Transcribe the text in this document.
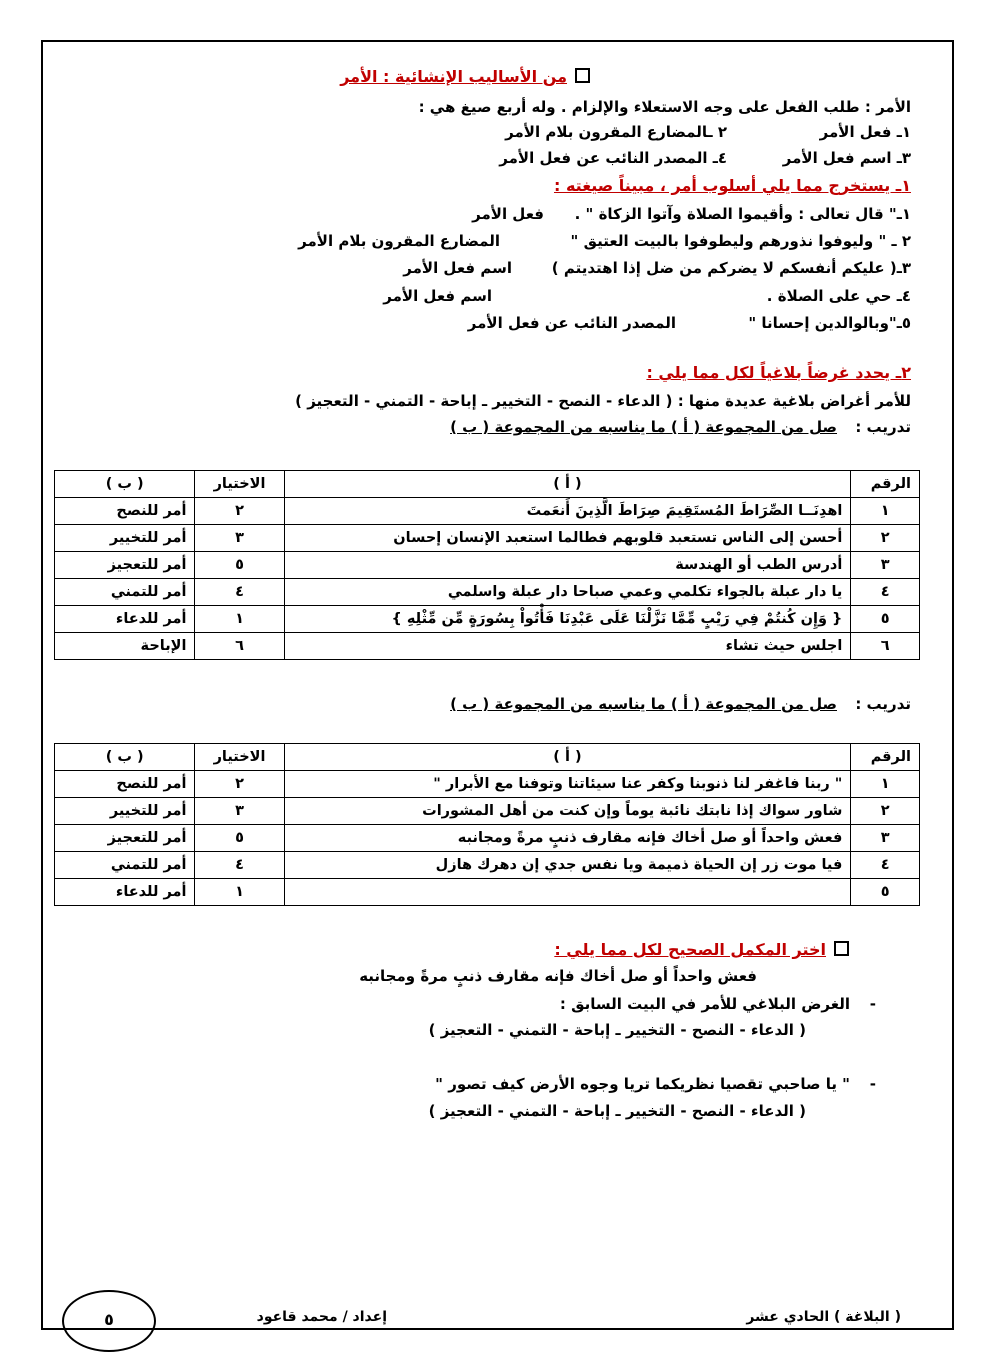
من الأساليب الإنشائية : الأمر
الأمر : طلب الفعل على وجه الاستعلاء والإلزام . وله أربع صيغ هي :
١ـ فعل الأمر
٢ ـالمضارع المقرون بلام الأمر
٣ـ اسم فعل الأمر
٤ـ المصدر النائب عن فعل الأمر
١ـ يستخرج مما يلي أسلوب أمر ، مبيناً صيغته :
١ـ" قال تعالى : وأقيموا الصلاة وآتوا الزكاة " .
فعل الأمر
٢ ـ " وليوفوا نذورهم وليطوفوا بالبيت العتيق "
المضارع المقرون بلام الأمر
٣ـ( عليكم أنفسكم لا يضركم من ضل إذا اهتديتم )
اسم فعل الأمر
٤ـ حي على الصلاة .
اسم فعل الأمر
٥ـ"وبالوالدين إحسانا "
المصدر النائب عن فعل الأمر
٢ـ يحدد غرضاً بلاغياً لكل مما يلي :
للأمر أغراض بلاغية عديدة منها : ( الدعاء - النصح - التخيير ـ إباحة - التمني - التعجيز )
تدريب :
صل من المجموعة ( أ ) ما يناسبه من المجموعة ( ب )
الرقم	( أ )	الاختيار	( ب )
١	اهدِنَــا الصِّرَاطَ المُستَقِيمَ صِرَاطَ الَّذِينَ أَنعَمتَ	٢	أمر للنصح
٢	أحسن إلى الناس تستعبد قلوبهم فطالما استعبد الإنسان إحسان	٣	أمر للتخيير
٣	أدرس الطب أو الهندسة	٥	أمر للتعجيز
٤	يا دار عبلة بالجواء تكلمي وعمي صباحا دار عبلة واسلمي	٤	أمر للتمني
٥	{ وَإِن كُنتُمْ فِي رَيْبٍ مِّمَّا نَزَّلْنَا عَلَى عَبْدِنَا فَأْتُواْ بِسُورَةٍ مِّن مِّثْلِهِ }	١	أمر للدعاء
٦	اجلس حيث تشاء	٦	الإباحة
تدريب :
صل من المجموعة ( أ ) ما يناسبه من المجموعة ( ب )
الرقم	( أ )	الاختيار	( ب )
١	" ربنا فاغفر لنا ذنوبنا وكفر عنا سيئاتنا وتوفنا مع الأبرار "	٢	أمر للنصح
٢	شاور سواك إذا نابتك نائبة يوماً وإن كنت من أهل المشورات	٣	أمر للتخيير
٣	فعش واحداً أو صل أخاك فإنه مقارف ذنبٍ مرةً ومجانبه	٥	أمر للتعجيز
٤	فيا موت زر إن الحياة ذميمة ويا نفس جدي إن دهرك هازل	٤	أمر للتمني
٥		١	أمر للدعاء
اختر المكمل الصحيح لكل مما يلي :
فعش واحداً أو صل أخاك فإنه مقارف ذنبٍ مرةً ومجانبه
-
الغرض البلاغي للأمر في البيت السابق :
( الدعاء - النصح - التخيير ـ إباحة - التمني - التعجيز )
-
" يا صاحبي تقصيا نظريكما تريا وجوه الأرض كيف تصور "
( الدعاء - النصح - التخيير ـ إباحة - التمني - التعجيز )
( البلاغة ) الحادي عشر
إعداد / محمد قاعود
٥
